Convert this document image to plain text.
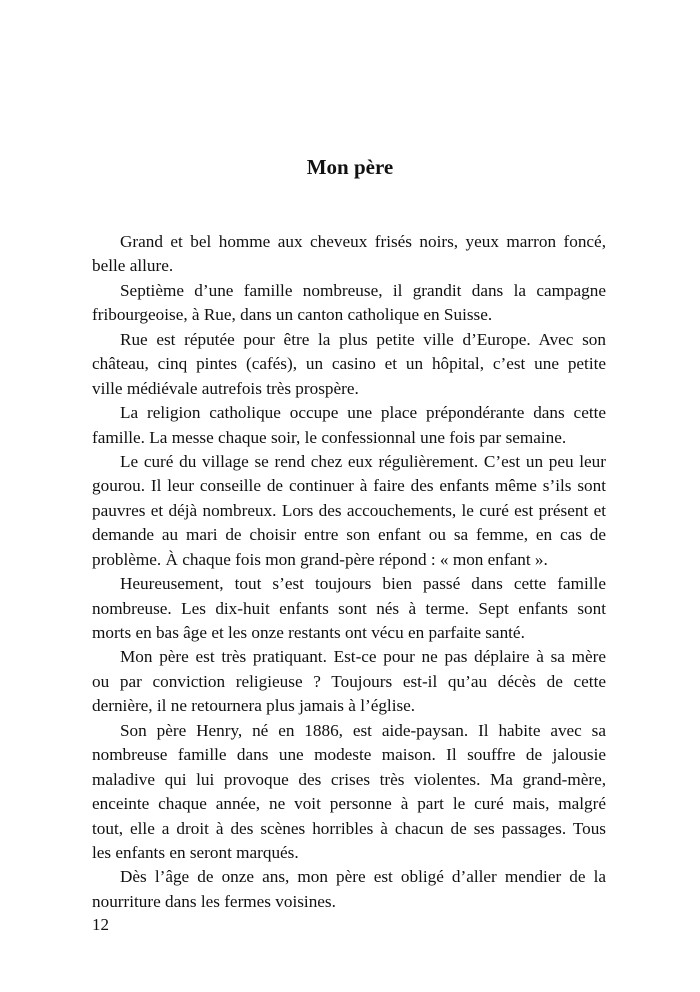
Mon père
Grand et bel homme aux cheveux frisés noirs, yeux marron foncé,
belle allure.
Septième d’une famille nombreuse, il grandit dans la campagne
fribourgeoise, à Rue, dans un canton catholique en Suisse.
Rue est réputée pour être la plus petite ville d’Europe. Avec son
château, cinq pintes (cafés), un casino et un hôpital, c’est une petite
ville médiévale autrefois très prospère.
La religion catholique occupe une place prépondérante dans cette
famille. La messe chaque soir, le confessionnal une fois par semaine.
Le curé du village se rend chez eux régulièrement. C’est un peu leur
gourou. Il leur conseille de continuer à faire des enfants même s’ils sont
pauvres et déjà nombreux. Lors des accouchements, le curé est présent et
demande au mari de choisir entre son enfant ou sa femme, en cas de
problème. À chaque fois mon grand-père répond : « mon enfant ».
Heureusement, tout s’est toujours bien passé dans cette famille
nombreuse. Les dix-huit enfants sont nés à terme. Sept enfants sont
morts en bas âge et les onze restants ont vécu en parfaite santé.
Mon père est très pratiquant. Est-ce pour ne pas déplaire à sa mère
ou par conviction religieuse ? Toujours est-il qu’au décès de cette
dernière, il ne retournera plus jamais à l’église.
Son père Henry, né en 1886, est aide-paysan. Il habite avec sa
nombreuse famille dans une modeste maison. Il souffre de jalousie
maladive qui lui provoque des crises très violentes. Ma grand-mère,
enceinte chaque année, ne voit personne à part le curé mais, malgré
tout, elle a droit à des scènes horribles à chacun de ses passages. Tous
les enfants en seront marqués.
Dès l’âge de onze ans, mon père est obligé d’aller mendier de la
nourriture dans les fermes voisines.
12
